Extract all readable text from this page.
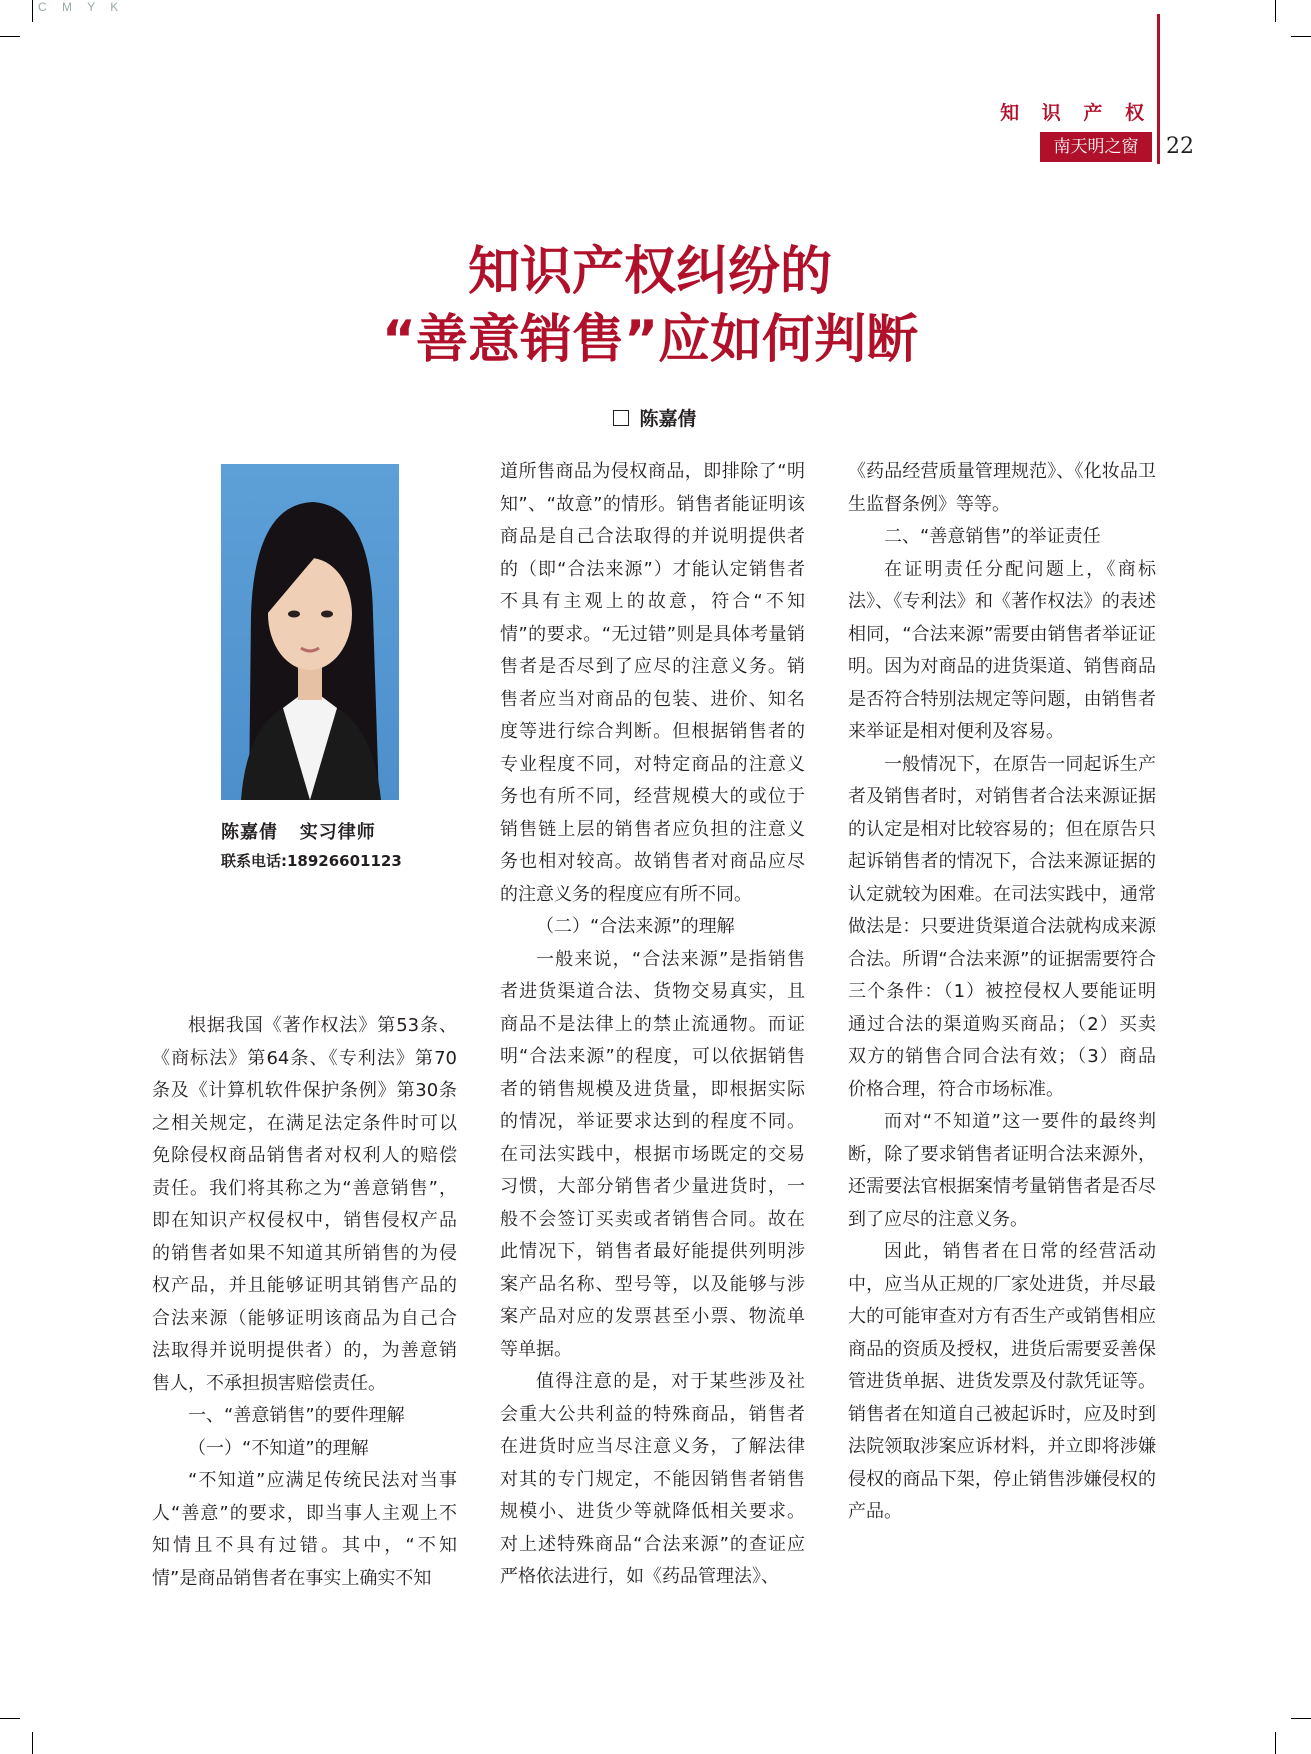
C M Y K
知 识 产 权
南天明之窗	22
知识产权纠纷的
“善意销售”应如何判断
陈嘉倩
陈嘉倩   实习律师
联系电话:18926601123

根据我国《著作权法》第53条、《商标法》第64条、《专利法》第70条及《计算机软件保护条例》第30条之相关规定，在满足法定条件时可以免除侵权商品销售者对权利人的赔偿责任。我们将其称之为“善意销售”，即在知识产权侵权中，销售侵权产品的销售者如果不知道其所销售的为侵权产品，并且能够证明其销售产品的合法来源（能够证明该商品为自己合法取得并说明提供者）的，为善意销售人，不承担损害赔偿责任。

一、“善意销售”的要件理解

（一）“不知道”的理解

“不知道”应满足传统民法对当事人“善意”的要求，即当事人主观上不知情且不具有过错。其中，“不知情”是商品销售者在事实上确实不知

道所售商品为侵权商品，即排除了“明知”、“故意”的情形。销售者能证明该商品是自己合法取得的并说明提供者的（即“合法来源”）才能认定销售者不具有主观上的故意，符合“不知情”的要求。“无过错”则是具体考量销售者是否尽到了应尽的注意义务。销售者应当对商品的包装、进价、知名度等进行综合判断。但根据销售者的专业程度不同，对特定商品的注意义务也有所不同，经营规模大的或位于销售链上层的销售者应负担的注意义务也相对较高。故销售者对商品应尽的注意义务的程度应有所不同。

（二）“合法来源”的理解

一般来说，“合法来源”是指销售者进货渠道合法、货物交易真实，且商品不是法律上的禁止流通物。而证明“合法来源”的程度，可以依据销售者的销售规模及进货量，即根据实际的情况，举证要求达到的程度不同。在司法实践中，根据市场既定的交易习惯，大部分销售者少量进货时，一般不会签订买卖或者销售合同。故在此情况下，销售者最好能提供列明涉案产品名称、型号等，以及能够与涉案产品对应的发票甚至小票、物流单等单据。

值得注意的是，对于某些涉及社会重大公共利益的特殊商品，销售者在进货时应当尽注意义务，了解法律对其的专门规定，不能因销售者销售规模小、进货少等就降低相关要求。对上述特殊商品“合法来源”的查证应严格依法进行，如《药品管理法》、

《药品经营质量管理规范》、《化妆品卫生监督条例》等等。

二、“善意销售”的举证责任

在证明责任分配问题上，《商标法》、《专利法》和《著作权法》的表述相同，“合法来源”需要由销售者举证证明。因为对商品的进货渠道、销售商品是否符合特别法规定等问题，由销售者来举证是相对便利及容易。

一般情况下，在原告一同起诉生产者及销售者时，对销售者合法来源证据的认定是相对比较容易的；但在原告只起诉销售者的情况下，合法来源证据的认定就较为困难。在司法实践中，通常做法是：只要进货渠道合法就构成来源合法。所谓“合法来源”的证据需要符合三个条件：（1）被控侵权人要能证明通过合法的渠道购买商品；（2）买卖双方的销售合同合法有效；（3）商品价格合理，符合市场标准。

而对“不知道”这一要件的最终判断，除了要求销售者证明合法来源外，还需要法官根据案情考量销售者是否尽到了应尽的注意义务。

因此，销售者在日常的经营活动中，应当从正规的厂家处进货，并尽最大的可能审查对方有否生产或销售相应商品的资质及授权，进货后需要妥善保管进货单据、进货发票及付款凭证等。销售者在知道自己被起诉时，应及时到法院领取涉案应诉材料，并立即将涉嫌侵权的商品下架，停止销售涉嫌侵权的产品。
